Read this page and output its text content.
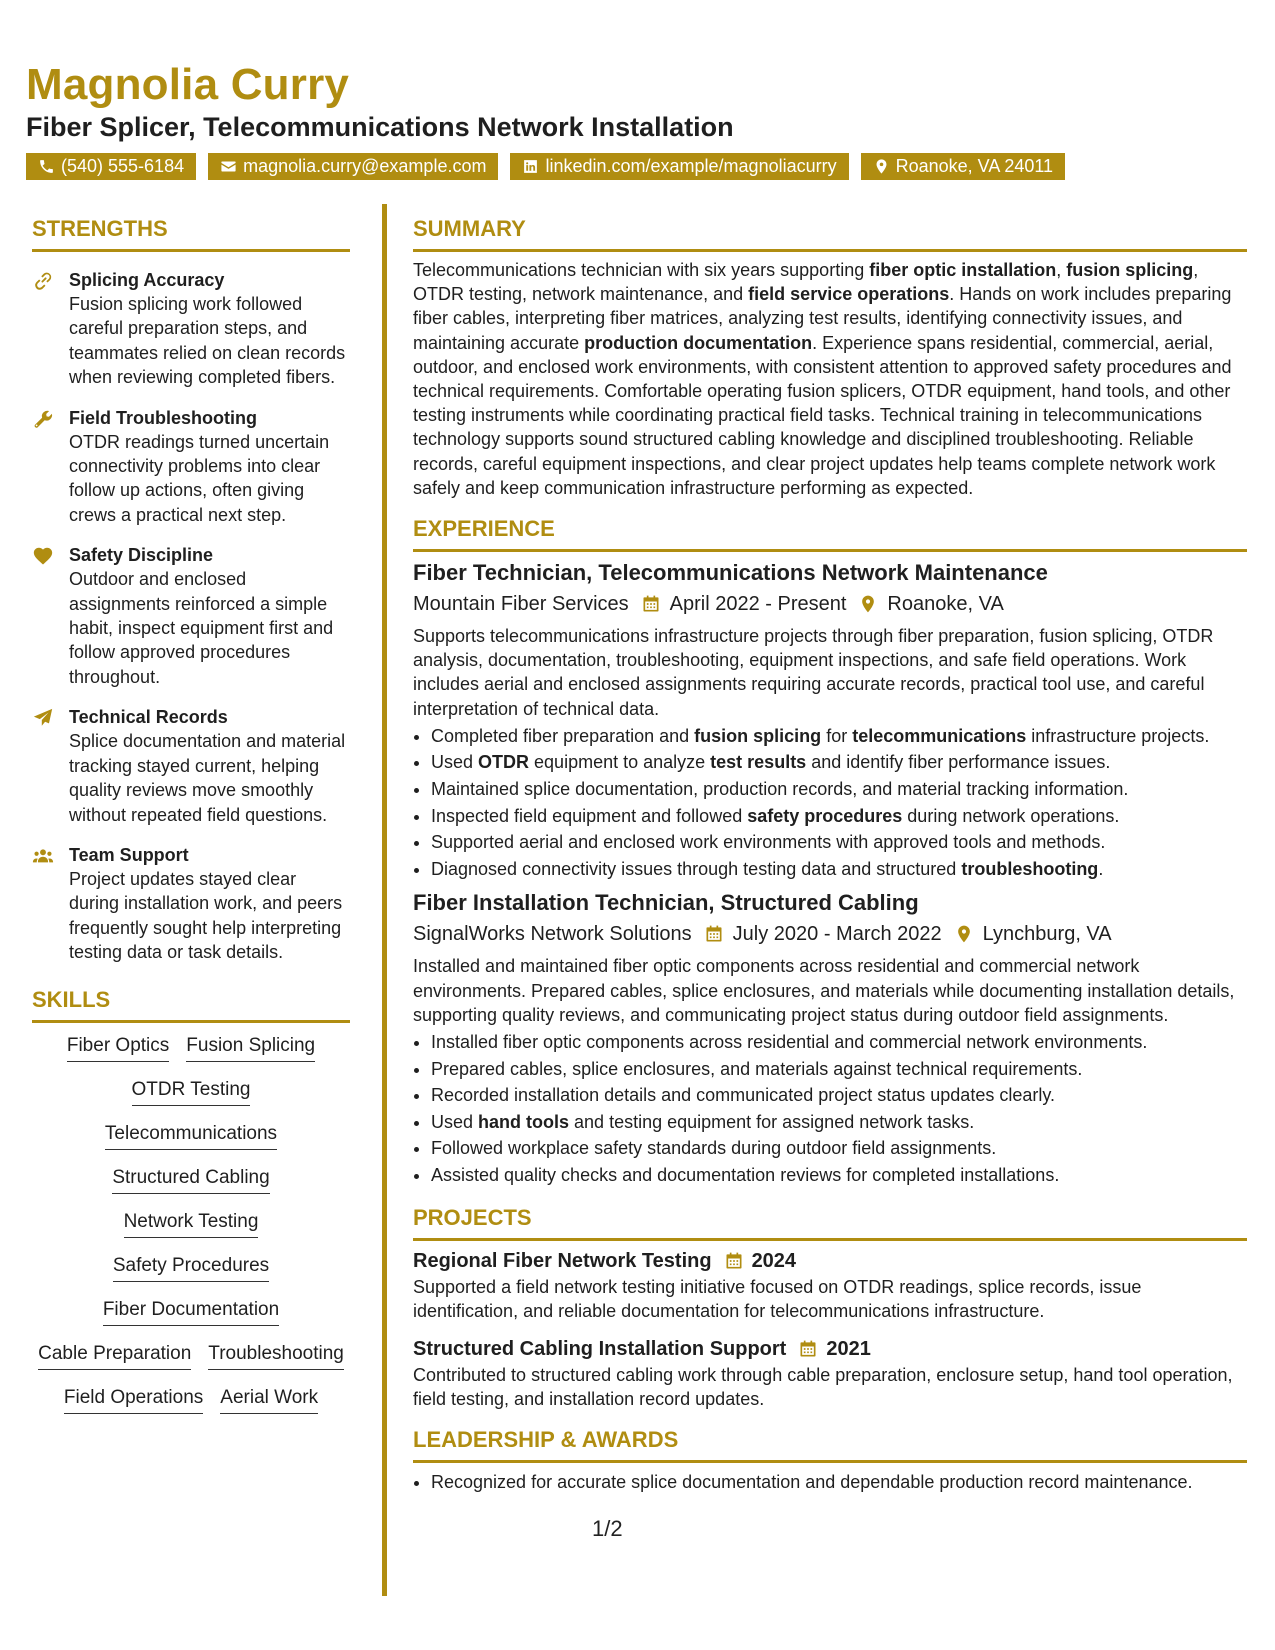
Magnolia Curry
Fiber Splicer, Telecommunications Network Installation
(540) 555-6184	magnolia.curry@example.com	linkedin.com/example/magnoliacurry	Roanoke, VA 24011
STRENGTHS
Splicing Accuracy
Fusion splicing work followed careful preparation steps, and teammates relied on clean records when reviewing completed fibers.
Field Troubleshooting
OTDR readings turned uncertain connectivity problems into clear follow up actions, often giving crews a practical next step.
Safety Discipline
Outdoor and enclosed assignments reinforced a simple habit, inspect equipment first and follow approved procedures throughout.
Technical Records
Splice documentation and material tracking stayed current, helping quality reviews move smoothly without repeated field questions.
Team Support
Project updates stayed clear during installation work, and peers frequently sought help interpreting testing data or task details.
SKILLS
Fiber Optics Fusion Splicing
OTDR Testing
Telecommunications
Structured Cabling
Network Testing
Safety Procedures
Fiber Documentation
Cable Preparation Troubleshooting
Field Operations Aerial Work
SUMMARY

Telecommunications technician with six years supporting fiber optic installation, fusion splicing, OTDR testing, network maintenance, and field service operations. Hands on work includes preparing fiber cables, interpreting fiber matrices, analyzing test results, identifying connectivity issues, and maintaining accurate production documentation. Experience spans residential, commercial, aerial, outdoor, and enclosed work environments, with consistent attention to approved safety procedures and technical requirements. Comfortable operating fusion splicers, OTDR equipment, hand tools, and other testing instruments while coordinating practical field tasks. Technical training in telecommunications technology supports sound structured cabling knowledge and disciplined troubleshooting. Reliable records, careful equipment inspections, and clear project updates help teams complete network work safely and keep communication infrastructure performing as expected.

EXPERIENCE
Fiber Technician, Telecommunications Network Maintenance
Mountain Fiber Services April 2022 - Present Roanoke, VA

Supports telecommunications infrastructure projects through fiber preparation, fusion splicing, OTDR analysis, documentation, troubleshooting, equipment inspections, and safe field operations. Work includes aerial and enclosed assignments requiring accurate records, practical tool use, and careful interpretation of technical data.

• Completed fiber preparation and fusion splicing for telecommunications infrastructure projects.
• Used OTDR equipment to analyze test results and identify fiber performance issues.
• Maintained splice documentation, production records, and material tracking information.
• Inspected field equipment and followed safety procedures during network operations.
• Supported aerial and enclosed work environments with approved tools and methods.
• Diagnosed connectivity issues through testing data and structured troubleshooting.
Fiber Installation Technician, Structured Cabling
SignalWorks Network Solutions July 2020 - March 2022 Lynchburg, VA

Installed and maintained fiber optic components across residential and commercial network environments. Prepared cables, splice enclosures, and materials while documenting installation details, supporting quality reviews, and communicating project status during outdoor field assignments.

• Installed fiber optic components across residential and commercial network environments.
• Prepared cables, splice enclosures, and materials against technical requirements.
• Recorded installation details and communicated project status updates clearly.
• Used hand tools and testing equipment for assigned network tasks.
• Followed workplace safety standards during outdoor field assignments.
• Assisted quality checks and documentation reviews for completed installations.
PROJECTS
Regional Fiber Network Testing 2024

Supported a field network testing initiative focused on OTDR readings, splice records, issue identification, and reliable documentation for telecommunications infrastructure.

Structured Cabling Installation Support 2021

Contributed to structured cabling work through cable preparation, enclosure setup, hand tool operation, field testing, and installation record updates.

LEADERSHIP & AWARDS
• Recognized for accurate splice documentation and dependable production record maintenance.
1/2
